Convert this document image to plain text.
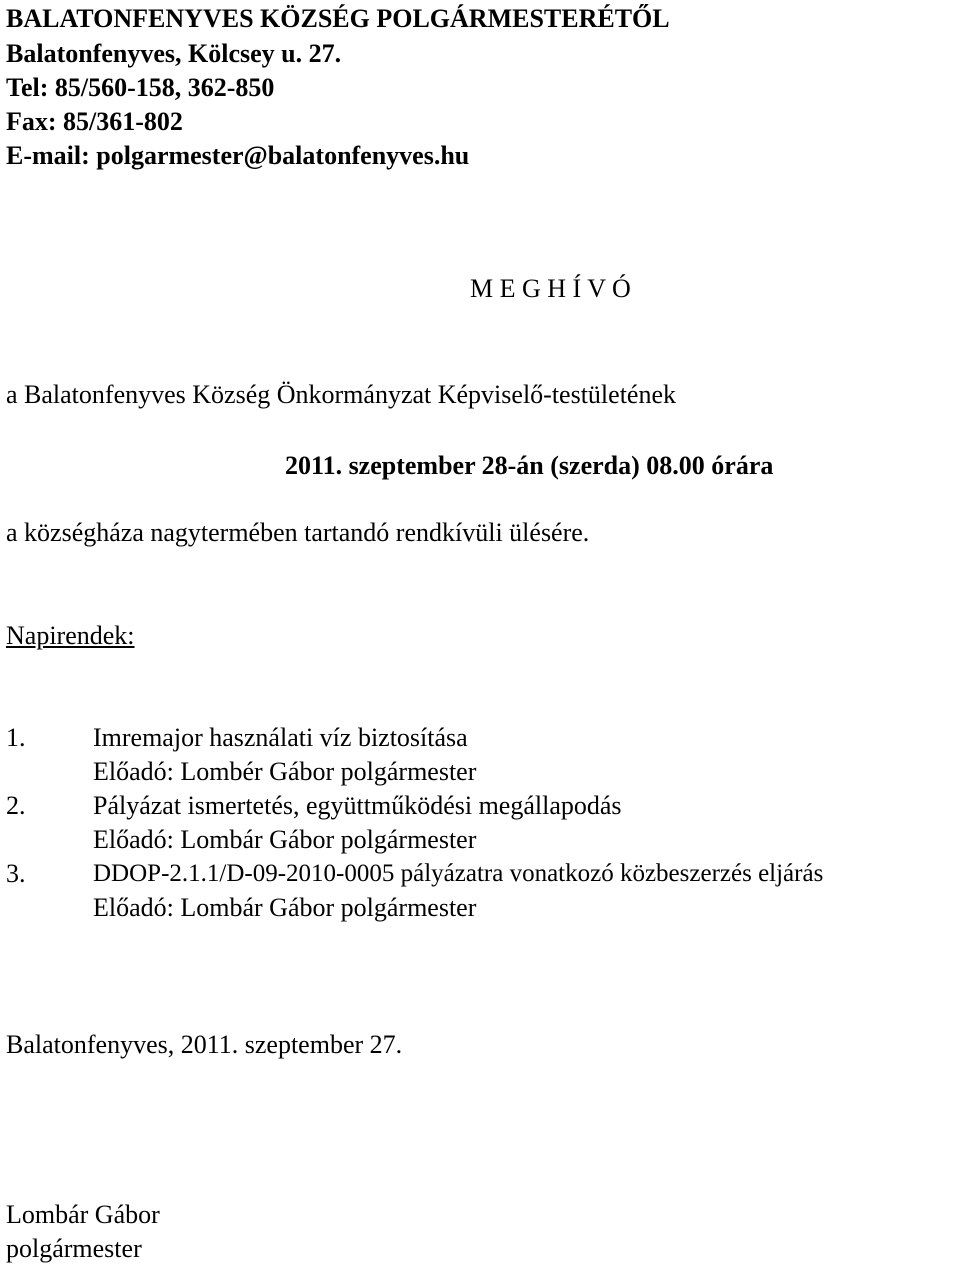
BALATONFENYVES KÖZSÉG POLGÁRMESTERÉTŐL

Balatonfenyves, Kölcsey u. 27.

Tel: 85/560-158, 362-850

Fax: 85/361-802

E-mail: polgarmester@balatonfenyves.hu

M E G H Í V Ó

a Balatonfenyves Község Önkormányzat Képviselő-testületének

2011. szeptember 28-án (szerda) 08.00 órára

a községháza nagytermében tartandó rendkívüli ülésére.

Napirendek:

1.	Imremajor használati víz biztosítása
Előadó: Lombér Gábor polgármester
2.	Pályázat ismertetés, együttműködési megállapodás
Előadó: Lombár Gábor polgármester
3.	DDOP-2.1.1/D-09-2010-0005 pályázatra vonatkozó közbeszerzés eljárás
Előadó: Lombár Gábor polgármester

Balatonfenyves, 2011. szeptember 27.

Lombár Gábor

polgármester
